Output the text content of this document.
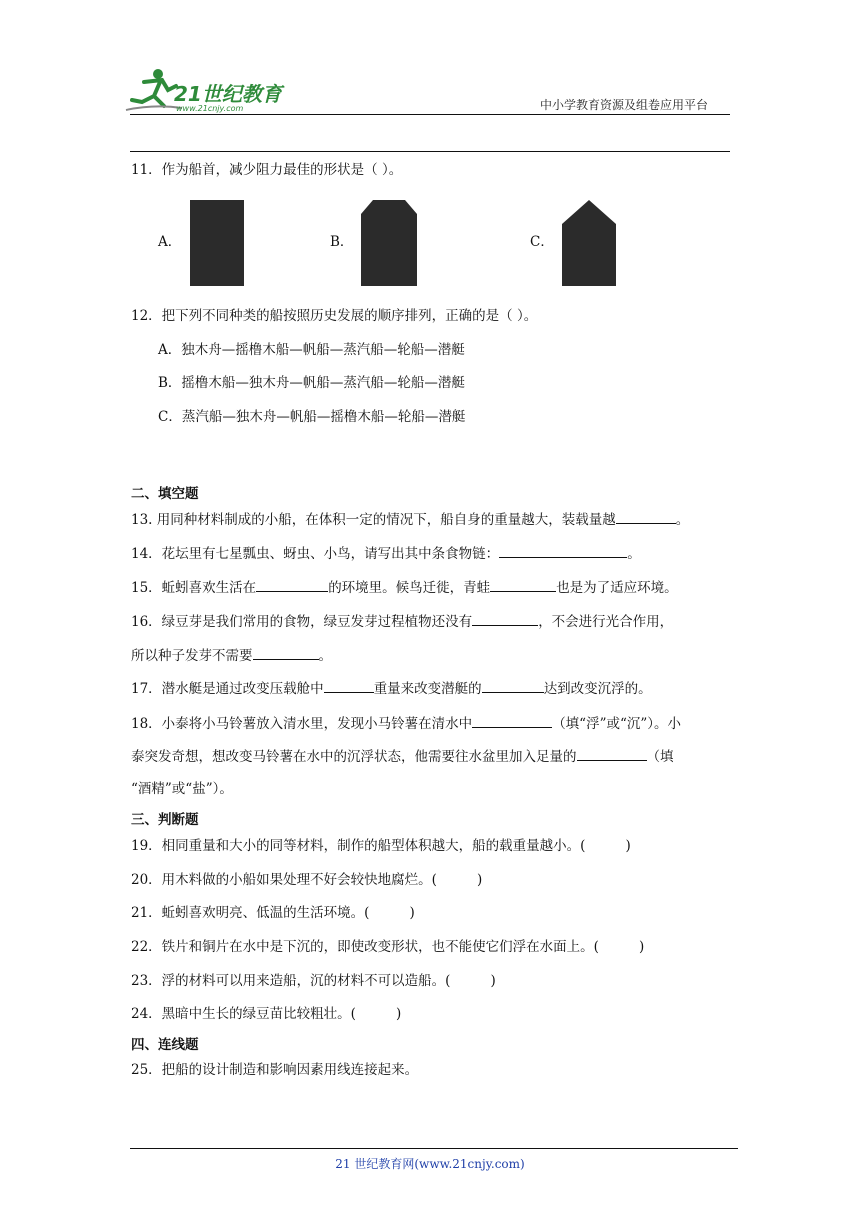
21世纪教育
www.21cnjy.com	中小学教育资源及组卷应用平台
11．作为船首，减少阻力最佳的形状是（ ）。
A．	B．	C．
12．把下列不同种类的船按照历史发展的顺序排列，正确的是（ ）。
A．独木舟—摇橹木船—帆船—蒸汽船—轮船—潜艇
B．摇橹木船—独木舟—帆船—蒸汽船—轮船—潜艇
C．蒸汽船—独木舟—帆船—摇橹木船—轮船—潜艇
二、填空题
13. 用同种材料制成的小船，在体积一定的情况下，船自身的重量越大，装载量越	。
14．花坛里有七星瓢虫、蚜虫、小鸟，请写出其中条食物链：	。
15．蚯蚓喜欢生活在	的环境里。候鸟迁徙，青蛙	也是为了适应环境。
16．绿豆芽是我们常用的食物，绿豆发芽过程植物还没有	，不会进行光合作用，
所以种子发芽不需要	。
17．潜水艇是通过改变压载舱中	重量来改变潜艇的	达到改变沉浮的。
18．小泰将小马铃薯放入清水里，发现小马铃薯在清水中	（填“浮”或“沉”）。小
泰突发奇想，想改变马铃薯在水中的沉浮状态，他需要往水盆里加入足量的	（填
“酒精”或“盐”）。
三、判断题
19．相同重量和大小的同等材料，制作的船型体积越大，船的载重量越小。(	)
20．用木料做的小船如果处理不好会较快地腐烂。(	)
21．蚯蚓喜欢明亮、低温的生活环境。(	)
22．铁片和铜片在水中是下沉的，即使改变形状，也不能使它们浮在水面上。(	)
23．浮的材料可以用来造船，沉的材料不可以造船。(	)
24．黑暗中生长的绿豆苗比较粗壮。(	)
四、连线题
25．把船的设计制造和影响因素用线连接起来。
21 世纪教育网(www.21cnjy.com)
